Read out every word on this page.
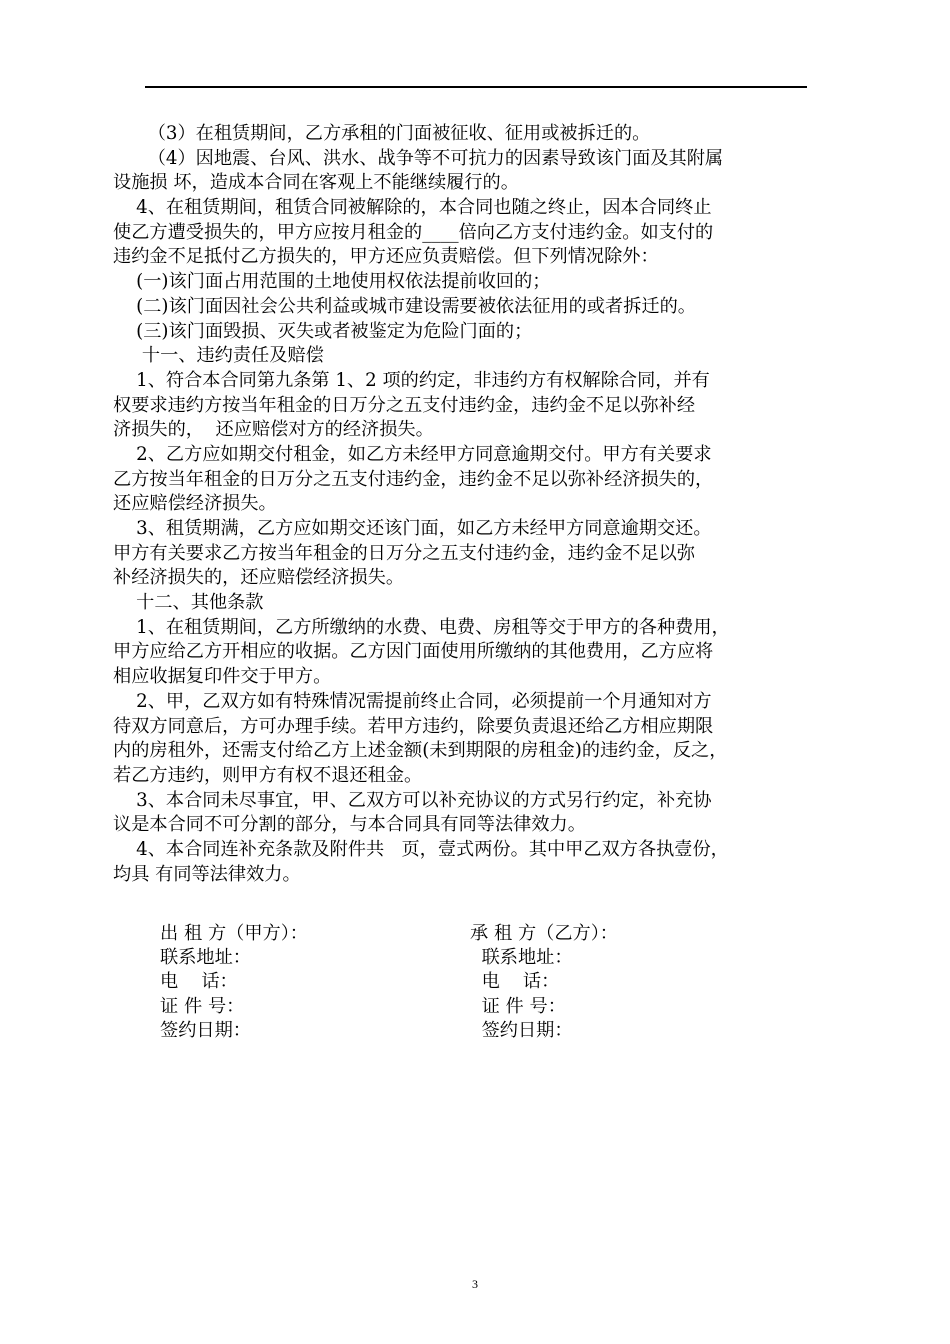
（3）在租赁期间，乙方承租的门面被征收、征用或被拆迁的。
（4）因地震、台风、洪水、战争等不可抗力的因素导致该门面及其附属
设施损 坏，造成本合同在客观上不能继续履行的。
4、在租赁期间，租赁合同被解除的，本合同也随之终止，因本合同终止
使乙方遭受损失的，甲方应按月租金的____倍向乙方支付违约金。如支付的
违约金不足抵付乙方损失的，甲方还应负责赔偿。但下列情况除外：
(一)该门面占用范围的土地使用权依法提前收回的；
(二)该门面因社会公共利益或城市建设需要被依法征用的或者拆迁的。
(三)该门面毁损、灭失或者被鉴定为危险门面的；
十一、违约责任及赔偿
1、符合本合同第九条第 1、2 项的约定，非违约方有权解除合同，并有
权要求违约方按当年租金的日万分之五支付违约金，违约金不足以弥补经
济损失的，  还应赔偿对方的经济损失。
2、乙方应如期交付租金，如乙方未经甲方同意逾期交付。甲方有关要求
乙方按当年租金的日万分之五支付违约金，违约金不足以弥补经济损失的，
还应赔偿经济损失。
3、租赁期满，乙方应如期交还该门面，如乙方未经甲方同意逾期交还。
甲方有关要求乙方按当年租金的日万分之五支付违约金，违约金不足以弥
补经济损失的，还应赔偿经济损失。
十二、其他条款
1、在租赁期间，乙方所缴纳的水费、电费、房租等交于甲方的各种费用，
甲方应给乙方开相应的收据。乙方因门面使用所缴纳的其他费用，乙方应将
相应收据复印件交于甲方。
2、甲，乙双方如有特殊情况需提前终止合同，必须提前一个月通知对方
待双方同意后，方可办理手续。若甲方违约，除要负责退还给乙方相应期限
内的房租外，还需支付给乙方上述金额(未到期限的房租金)的违约金，反之，
若乙方违约，则甲方有权不退还租金。
3、本合同未尽事宜，甲、乙双方可以补充协议的方式另行约定，补充协
议是本合同不可分割的部分，与本合同具有同等法律效力。
4、本合同连补充条款及附件共   页，壹式两份。其中甲乙双方各执壹份，
均具 有同等法律效力。
出 租 方（甲方）：
联系地址：
电    话：
证 件 号：
签约日期：
承 租 方（乙方）：
联系地址：
电    话：
证 件 号：
签约日期：
3
